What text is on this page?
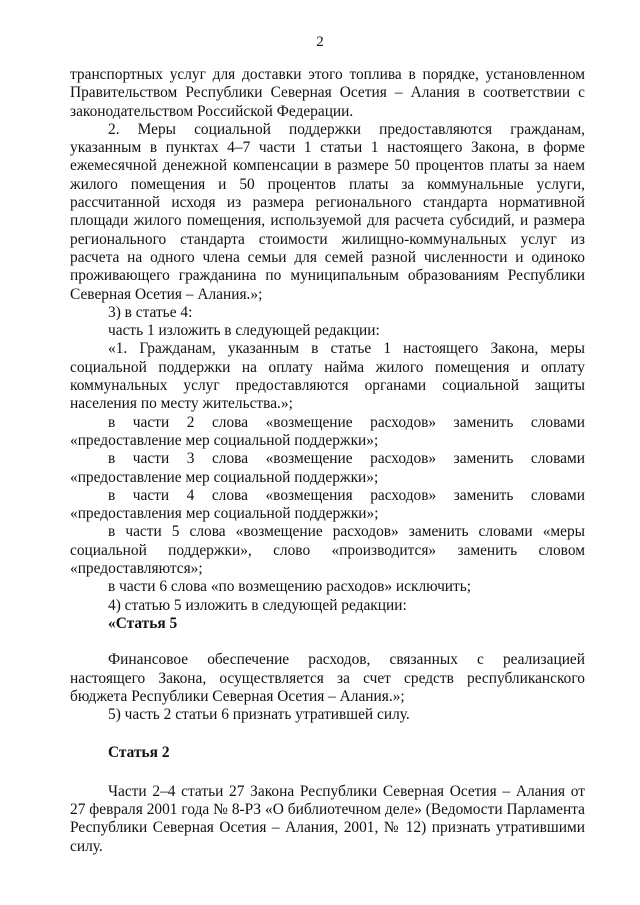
2

транспортных услуг для доставки этого топлива в порядке, установленном Правительством Республики Северная Осетия – Алания в соответствии с законодательством Российской Федерации.

2. Меры социальной поддержки предоставляются гражданам, указанным в пунктах 4–7 части 1 статьи 1 настоящего Закона, в форме ежемесячной денежной компенсации в размере 50 процентов платы за наем жилого помещения и 50 процентов платы за коммунальные услуги, рассчитанной исходя из размера регионального стандарта нормативной площади жилого помещения, используемой для расчета субсидий, и размера регионального стандарта стоимости жилищно-коммунальных услуг из расчета на одного члена семьи для семей разной численности и одиноко проживающего гражданина по муниципальным образованиям Республики Северная Осетия – Алания.»;

3) в статье 4:

часть 1 изложить в следующей редакции:

«1. Гражданам, указанным в статье 1 настоящего Закона, меры социальной поддержки на оплату найма жилого помещения и оплату коммунальных услуг предоставляются органами социальной защиты населения по месту жительства.»;

в части 2 слова «возмещение расходов» заменить словами «предоставление мер социальной поддержки»;

в части 3 слова «возмещение расходов» заменить словами «предоставление мер социальной поддержки»;

в части 4 слова «возмещения расходов» заменить словами «предоставления мер социальной поддержки»;

в части 5 слова «возмещение расходов» заменить словами «меры социальной поддержки», слово «производится» заменить словом «предоставляются»;

в части 6 слова «по возмещению расходов» исключить;

4) статью 5 изложить в следующей редакции:

«Статья 5

Финансовое обеспечение расходов, связанных с реализацией настоящего Закона, осуществляется за счет средств республиканского бюджета Республики Северная Осетия – Алания.»;

5) часть 2 статьи 6 признать утратившей силу.

Статья 2

Части 2–4 статьи 27 Закона Республики Северная Осетия – Алания от 27 февраля 2001 года № 8-РЗ «О библиотечном деле» (Ведомости Парламента Республики Северная Осетия – Алания, 2001, № 12) признать утратившими силу.
